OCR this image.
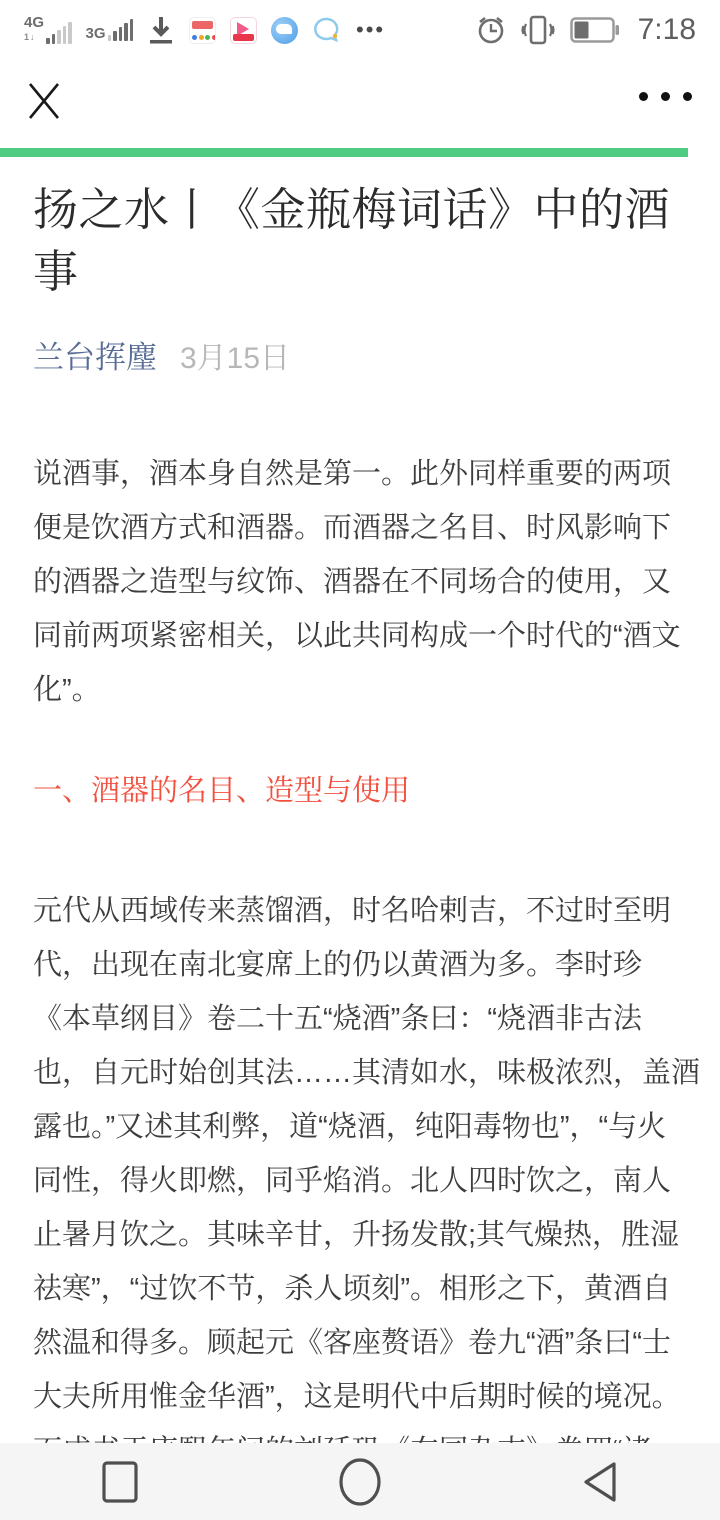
4G
1↓	3G	•••	7:18
扬之水丨《金瓶梅词话》中的酒事
兰台挥麈 3月15日
说酒事，酒本身自然是第一。此外同样重要的两项
便是饮酒方式和酒器。而酒器之名目、时风影响下
的酒器之造型与纹饰、酒器在不同场合的使用，又
同前两项紧密相关，以此共同构成一个时代的“酒文
化”。
一、酒器的名目、造型与使用
元代从西域传来蒸馏酒，时名哈剌吉，不过时至明
代，出现在南北宴席上的仍以黄酒为多。李时珍
《本草纲目》卷二十五“烧酒”条曰：“烧酒非古法
也，自元时始创其法……其清如水，味极浓烈，盖酒
露也。”又述其利弊，道“烧酒，纯阳毒物也”，“与火
同性，得火即燃，同乎焰消。北人四时饮之，南人
止暑月饮之。其味辛甘，升扬发散;其气燥热，胜湿
祛寒”，“过饮不节，杀人顷刻”。相形之下，黄酒自
然温和得多。顾起元《客座赘语》卷九“酒”条曰“士
大夫所用惟金华酒”，这是明代中后期时候的境况。
